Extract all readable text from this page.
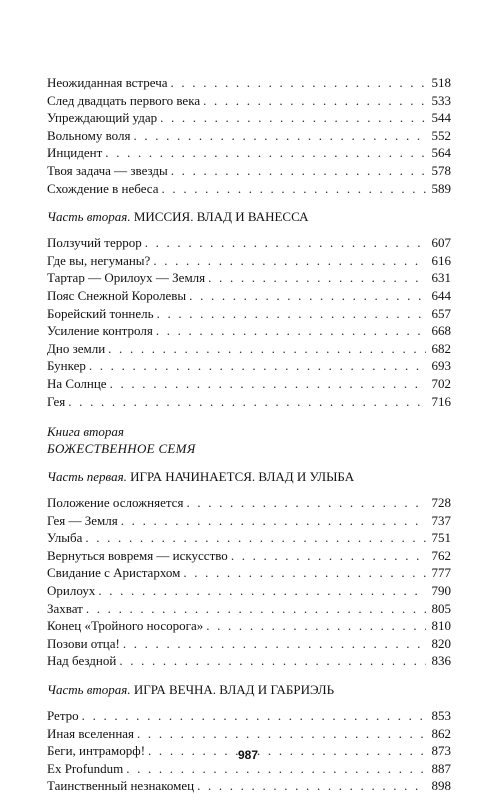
Неожиданная встреча . . .	518
След двадцать первого века . . .	533
Упреждающий удар . . .	544
Вольному воля . . .	552
Инцидент . . .	564
Твоя задача — звезды . . .	578
Схождение в небеса . . .	589
Часть вторая. МИССИЯ. ВЛАД И ВАНЕССА
Ползучий террор . . .	607
Где вы, негуманы? . . .	616
Тартар — Орилоух — Земля . . .	631
Пояс Снежной Королевы . . .	644
Борейский тоннель . . .	657
Усиление контроля . . .	668
Дно земли . . .	682
Бункер . . .	693
На Солнце . . .	702
Гея . . .	716
Книга вторая
БОЖЕСТВЕННОЕ СЕМЯ
Часть первая. ИГРА НАЧИНАЕТСЯ. ВЛАД И УЛЫБА
Положение осложняется . . .	728
Гея — Земля . . .	737
Улыба . . .	751
Вернуться вовремя — искусство . . .	762
Свидание с Аристархом . . .	777
Орилоух . . .	790
Захват . . .	805
Конец «Тройного носорога» . . .	810
Позови отца! . . .	820
Над бездной . . .	836
Часть вторая. ИГРА ВЕЧНА. ВЛАД И ГАБРИЭЛЬ
Ретро . . .	853
Иная вселенная . . .	862
Беги, интраморф! . . .	873
Ex Profundum . . .	887
Таинственный незнакомец . . .	898
987
